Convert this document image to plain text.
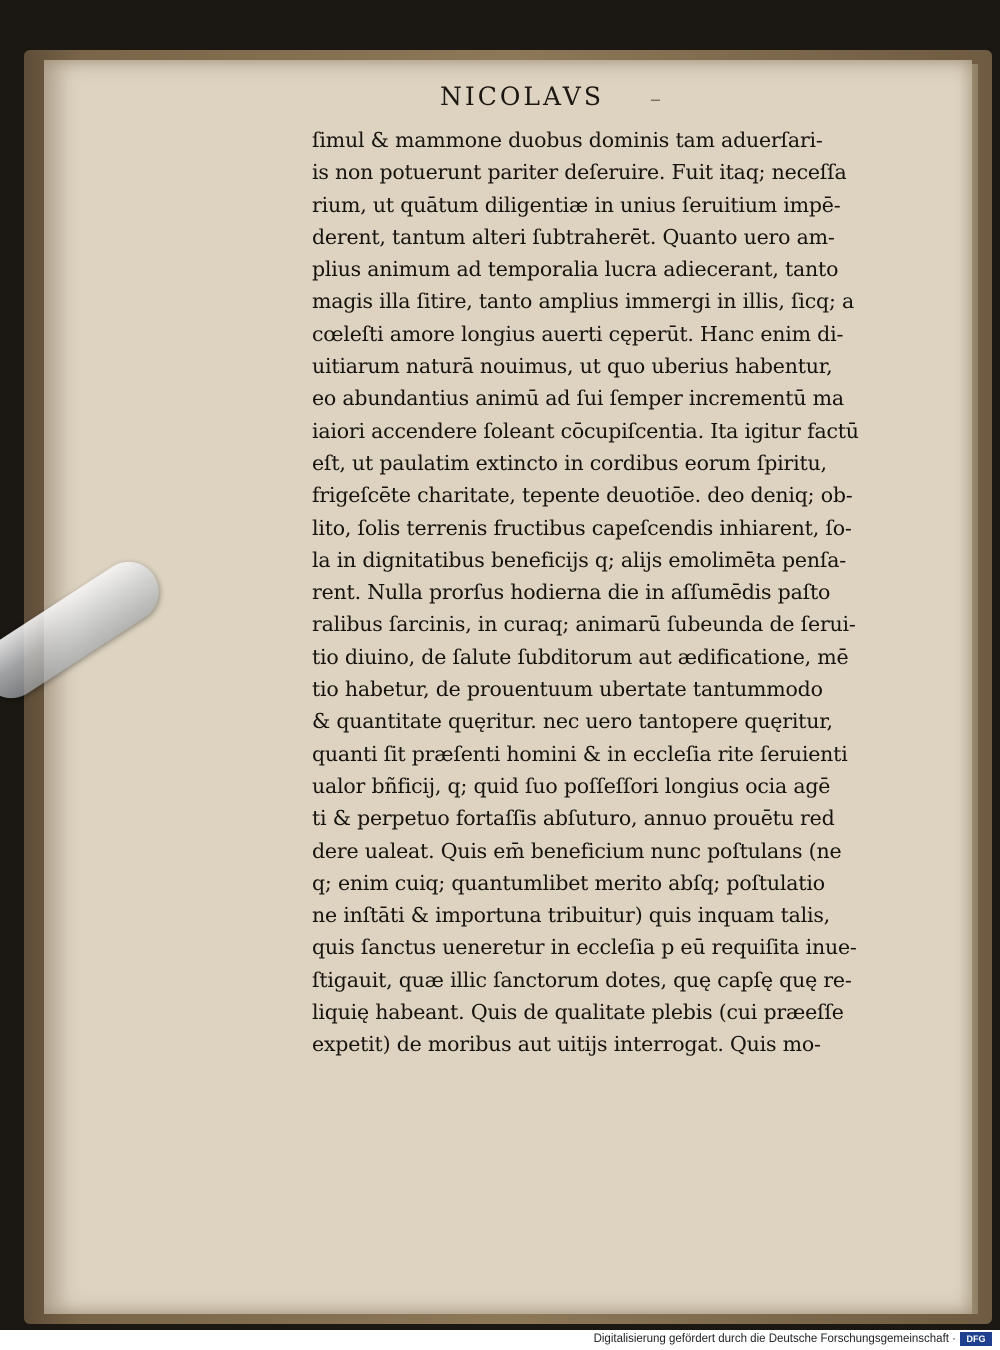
NICOLAVS	–
ſimul & mammone duobus dominis tam aduerſari-
is non potuerunt pariter deſeruire. Fuit itaq; neceſſa
rium, ut quātum diligentiæ in unius ſeruitium impē-
derent, tantum alteri ſubtraherēt. Quanto uero am-
plius animum ad temporalia lucra adiecerant, tanto
magis illa ſitire, tanto amplius immergi in illis, ſicq; a
cœleſti amore longius auerti cęperūt. Hanc enim di-
uitiarum naturā nouimus, ut quo uberius habentur,
eo abundantius animū ad ſui ſemper incrementū ma
iaiori accendere ſoleant cōcupiſcentia. Ita igitur factū
eſt, ut paulatim extincto in cordibus eorum ſpiritu,
frigeſcēte charitate, tepente deuotiōe. deo deniq; ob-
lito, ſolis terrenis fructibus capeſcendis inhiarent, ſo-
la in dignitatibus beneficijs q; alijs emolimēta penſa-
rent. Nulla prorſus hodierna die in aſſumēdis paſto
ralibus ſarcinis, in curaq; animarū ſubeunda de ſerui-
tio diuino, de ſalute ſubditorum aut ædificatione, mē
tio habetur, de prouentuum ubertate tantummodo
& quantitate quęritur. nec uero tantopere quęritur,
quanti ſit præſenti homini & in eccleſia rite ſeruienti
ualor bñficij, q; quid ſuo poſſeſſori longius ocia agē
ti & perpetuo fortaſſis abſuturo, annuo prouētu red
dere ualeat. Quis em̄ beneficium nunc poſtulans (ne
q; enim cuiq; quantumlibet merito abſq; poſtulatio
ne inſtāti & importuna tribuitur) quis inquam talis,
quis ſanctus ueneretur in eccleſia p eū requiſita inue-
ſtigauit, quæ illic ſanctorum dotes, quę capſę quę re-
liquię habeant. Quis de qualitate plebis (cui præeſſe
expetit) de moribus aut uitijs interrogat. Quis mo-
Digitalisierung gefördert durch die Deutsche Forschungsgemeinschaft ·	DFG
